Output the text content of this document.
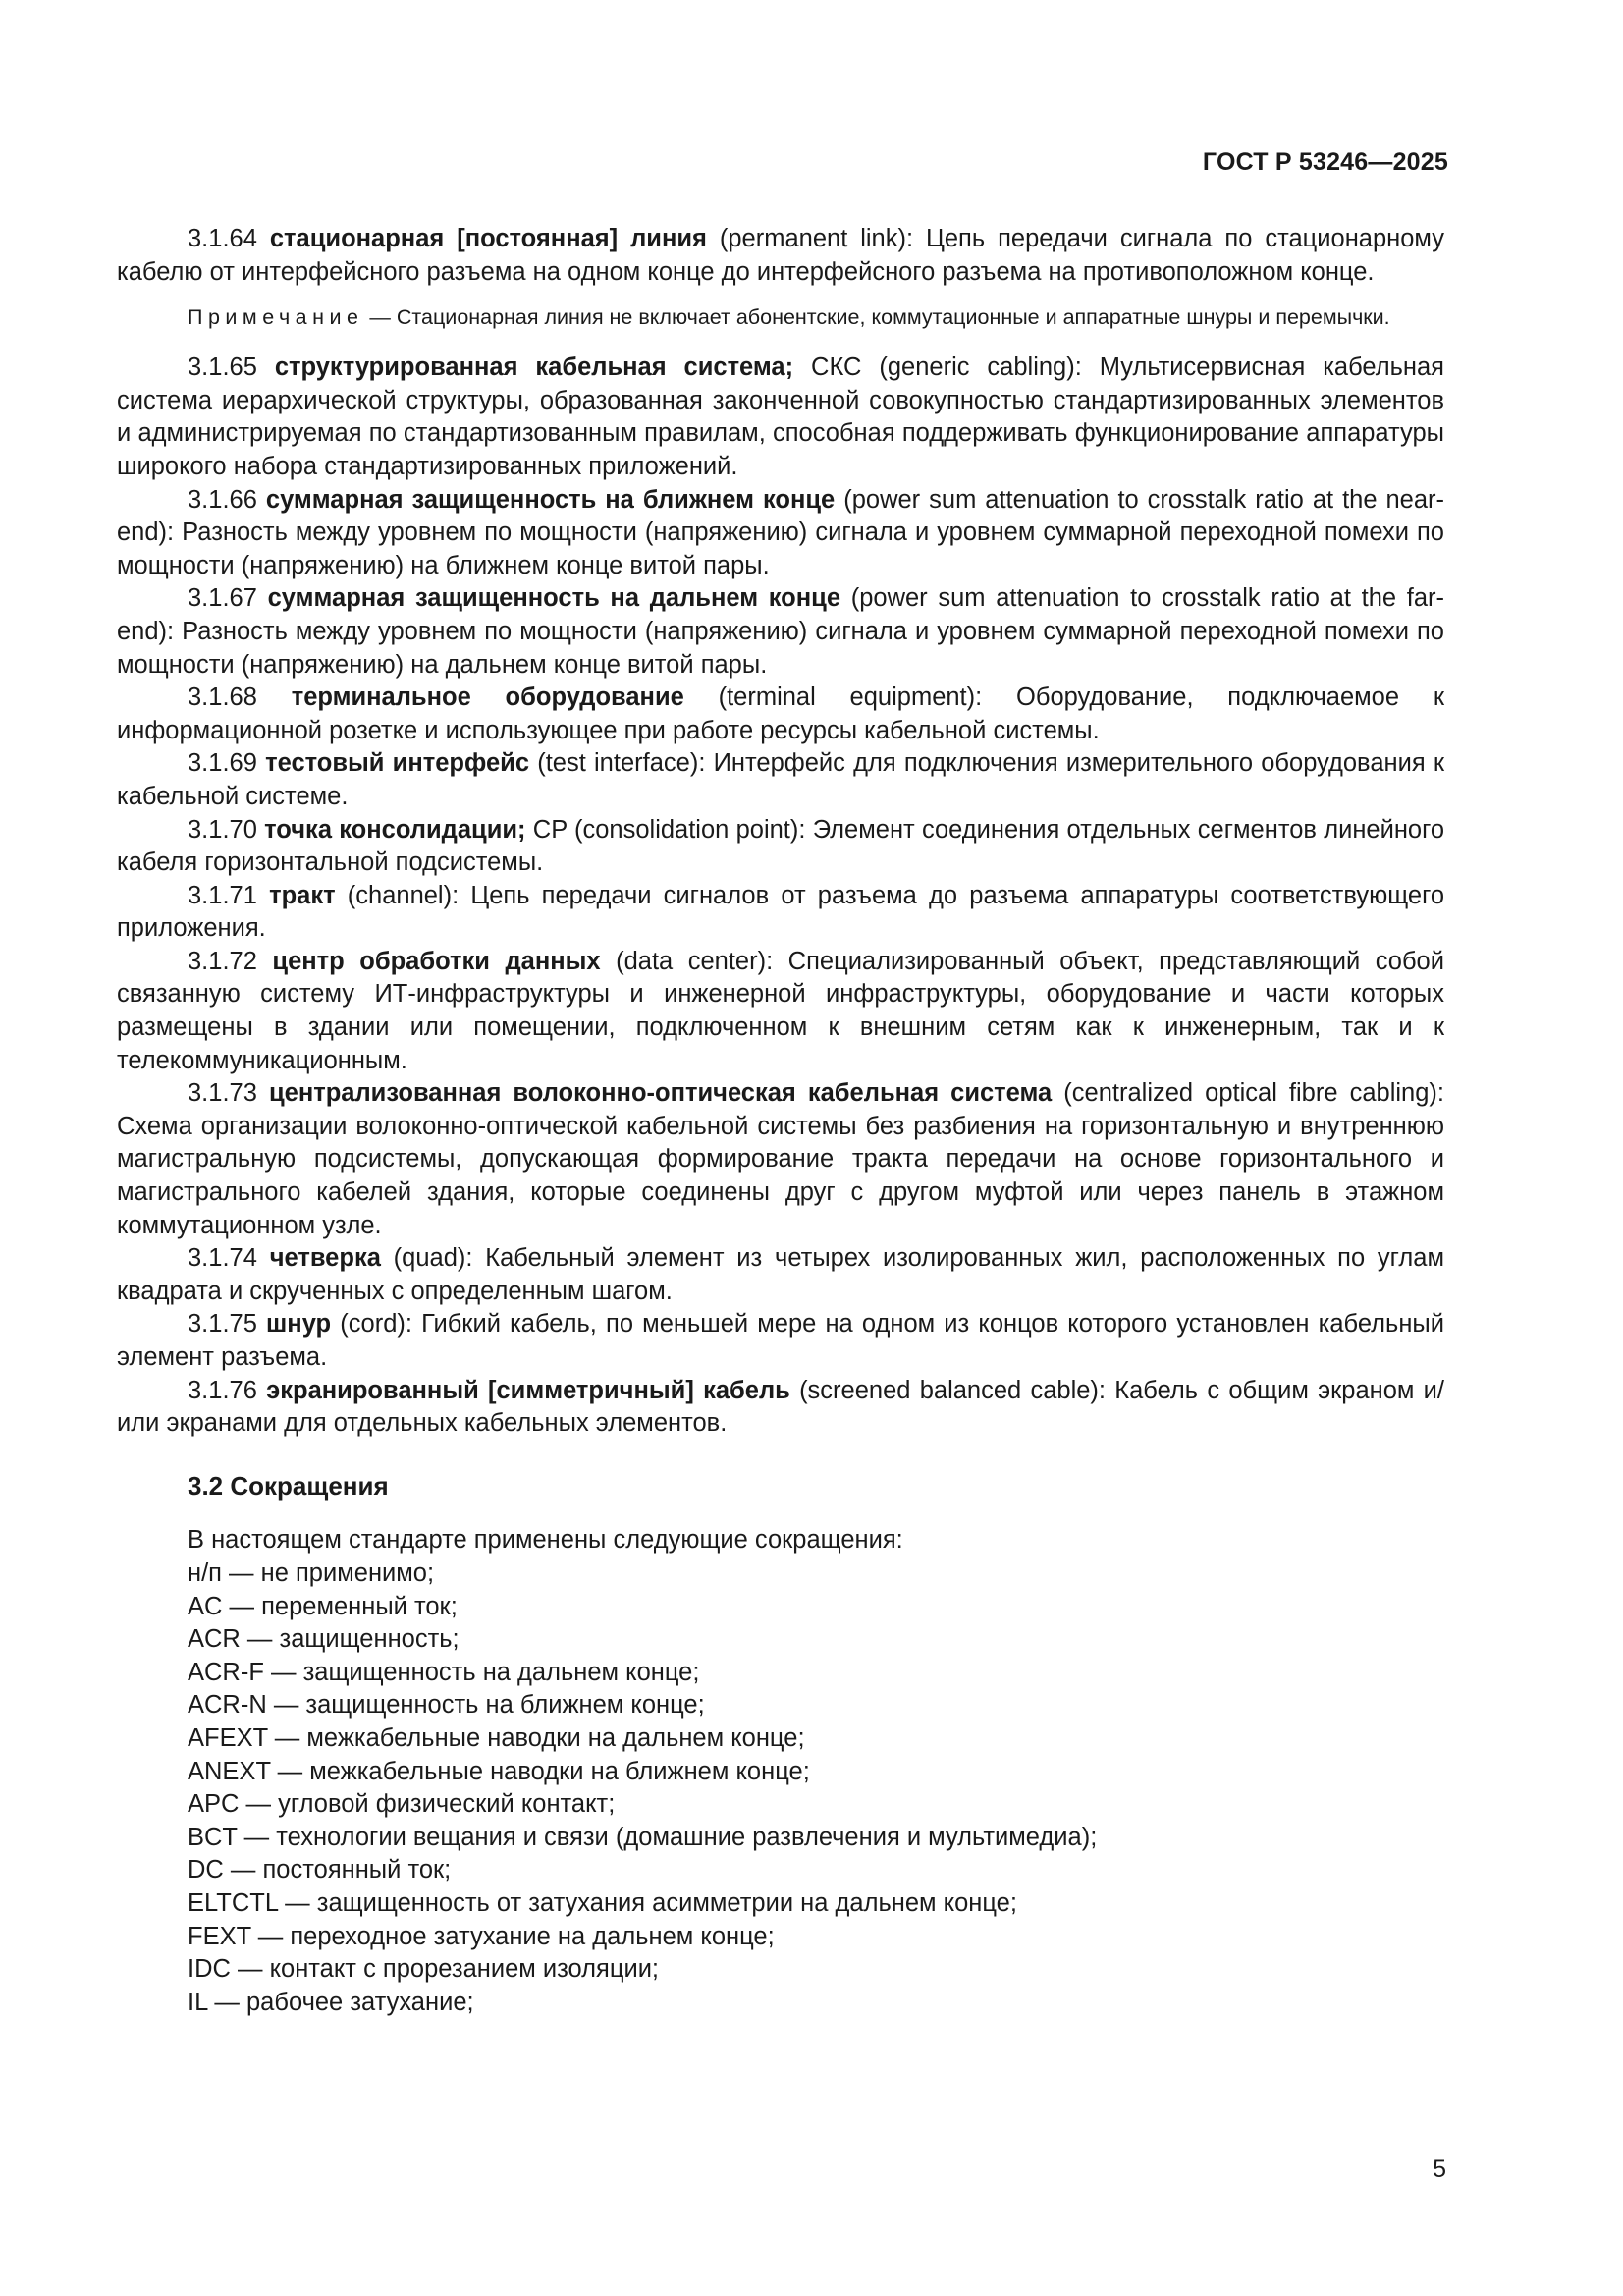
ГОСТ Р 53246—2025

3.1.64 стационарная [постоянная] линия (permanent link): Цепь передачи сигнала по стационарному кабелю от интерфейсного разъема на одном конце до интерфейсного разъема на противоположном конце.

Примечание — Стационарная линия не включает абонентские, коммутационные и аппаратные шнуры и перемычки.

3.1.65 структурированная кабельная система; СКС (generic cabling): Мультисервисная кабельная система иерархической структуры, образованная законченной совокупностью стандартизированных элементов и администрируемая по стандартизованным правилам, способная поддерживать функционирование аппаратуры широкого набора стандартизированных приложений.

3.1.66 суммарная защищенность на ближнем конце (power sum attenuation to crosstalk ratio at the near-end): Разность между уровнем по мощности (напряжению) сигнала и уровнем суммарной переходной помехи по мощности (напряжению) на ближнем конце витой пары.

3.1.67 суммарная защищенность на дальнем конце (power sum attenuation to crosstalk ratio at the far-end): Разность между уровнем по мощности (напряжению) сигнала и уровнем суммарной переходной помехи по мощности (напряжению) на дальнем конце витой пары.

3.1.68 терминальное оборудование (terminal equipment): Оборудование, подключаемое к информационной розетке и использующее при работе ресурсы кабельной системы.

3.1.69 тестовый интерфейс (test interface): Интерфейс для подключения измерительного оборудования к кабельной системе.

3.1.70 точка консолидации; CP (consolidation point): Элемент соединения отдельных сегментов линейного кабеля горизонтальной подсистемы.

3.1.71 тракт (channel): Цепь передачи сигналов от разъема до разъема аппаратуры соответствующего приложения.

3.1.72 центр обработки данных (data center): Специализированный объект, представляющий собой связанную систему ИТ-инфраструктуры и инженерной инфраструктуры, оборудование и части которых размещены в здании или помещении, подключенном к внешним сетям как к инженерным, так и к телекоммуникационным.

3.1.73 централизованная волоконно-оптическая кабельная система (centralized optical fibre cabling): Схема организации волоконно-оптической кабельной системы без разбиения на горизонтальную и внутреннюю магистральную подсистемы, допускающая формирование тракта передачи на основе горизонтального и магистрального кабелей здания, которые соединены друг с другом муфтой или через панель в этажном коммутационном узле.

3.1.74 четверка (quad): Кабельный элемент из четырех изолированных жил, расположенных по углам квадрата и скрученных с определенным шагом.

3.1.75 шнур (cord): Гибкий кабель, по меньшей мере на одном из концов которого установлен кабельный элемент разъема.

3.1.76 экранированный [симметричный] кабель (screened balanced cable): Кабель с общим экраном и/или экранами для отдельных кабельных элементов.

3.2 Сокращения

В настоящем стандарте применены следующие сокращения:

н/п — не применимо;
AC — переменный ток;
ACR — защищенность;
ACR-F — защищенность на дальнем конце;
ACR-N — защищенность на ближнем конце;
AFEXT — межкабельные наводки на дальнем конце;
ANEXT — межкабельные наводки на ближнем конце;
APC — угловой физический контакт;
BCT — технологии вещания и связи (домашние развлечения и мультимедиа);
DC — постоянный ток;
ELTCTL — защищенность от затухания асимметрии на дальнем конце;
FEXT — переходное затухание на дальнем конце;
IDC — контакт с прорезанием изоляции;
IL — рабочее затухание;
5
